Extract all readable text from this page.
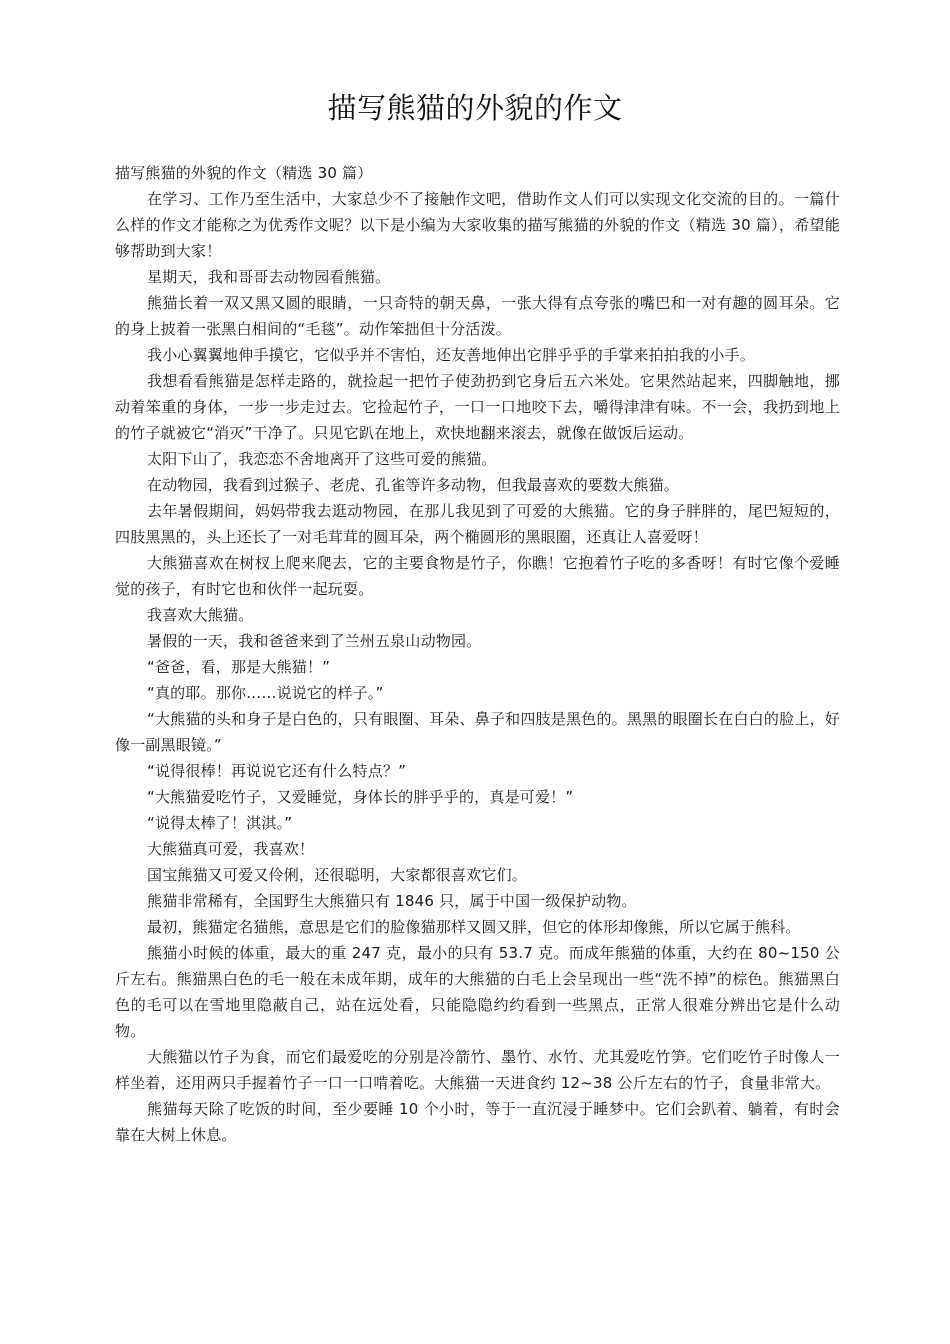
描写熊猫的外貌的作文

描写熊猫的外貌的作文（精选 30 篇）

在学习、工作乃至生活中，大家总少不了接触作文吧，借助作文人们可以实现文化交流的目的。一篇什么样的作文才能称之为优秀作文呢？以下是小编为大家收集的描写熊猫的外貌的作文（精选 30 篇），希望能够帮助到大家！

星期天，我和哥哥去动物园看熊猫。

熊猫长着一双又黑又圆的眼睛，一只奇特的朝天鼻，一张大得有点夸张的嘴巴和一对有趣的圆耳朵。它的身上披着一张黑白相间的“毛毯”。动作笨拙但十分活泼。

我小心翼翼地伸手摸它，它似乎并不害怕，还友善地伸出它胖乎乎的手掌来拍拍我的小手。

我想看看熊猫是怎样走路的，就捡起一把竹子使劲扔到它身后五六米处。它果然站起来，四脚触地，挪动着笨重的身体，一步一步走过去。它捡起竹子，一口一口地咬下去，嚼得津津有味。不一会，我扔到地上的竹子就被它“消灭”干净了。只见它趴在地上，欢快地翻来滚去，就像在做饭后运动。

太阳下山了，我恋恋不舍地离开了这些可爱的熊猫。

在动物园，我看到过猴子、老虎、孔雀等许多动物，但我最喜欢的要数大熊猫。

去年暑假期间，妈妈带我去逛动物园，在那儿我见到了可爱的大熊猫。它的身子胖胖的，尾巴短短的，四肢黑黑的，头上还长了一对毛茸茸的圆耳朵，两个椭圆形的黑眼圈，还真让人喜爱呀！

大熊猫喜欢在树杈上爬来爬去，它的主要食物是竹子，你瞧！它抱着竹子吃的多香呀！有时它像个爱睡觉的孩子，有时它也和伙伴一起玩耍。

我喜欢大熊猫。

暑假的一天，我和爸爸来到了兰州五泉山动物园。

“爸爸，看，那是大熊猫！”

“真的耶。那你……说说它的样子。”

“大熊猫的头和身子是白色的，只有眼圈、耳朵、鼻子和四肢是黑色的。黑黑的眼圈长在白白的脸上，好像一副黑眼镜。”

“说得很棒！再说说它还有什么特点？”

“大熊猫爱吃竹子，又爱睡觉，身体长的胖乎乎的，真是可爱！”

“说得太棒了！淇淇。”

大熊猫真可爱，我喜欢！

国宝熊猫又可爱又伶俐，还很聪明，大家都很喜欢它们。

熊猫非常稀有，全国野生大熊猫只有 1846 只，属于中国一级保护动物。

最初，熊猫定名猫熊，意思是它们的脸像猫那样又圆又胖，但它的体形却像熊，所以它属于熊科。

熊猫小时候的体重，最大的重 247 克，最小的只有 53.7 克。而成年熊猫的体重，大约在 80~150 公斤左右。熊猫黑白色的毛一般在未成年期，成年的大熊猫的白毛上会呈现出一些“洗不掉”的棕色。熊猫黑白色的毛可以在雪地里隐蔽自己，站在远处看，只能隐隐约约看到一些黑点，正常人很难分辨出它是什么动物。

大熊猫以竹子为食，而它们最爱吃的分别是冷箭竹、墨竹、水竹、尤其爱吃竹笋。它们吃竹子时像人一样坐着，还用两只手握着竹子一口一口啃着吃。大熊猫一天进食约 12~38 公斤左右的竹子，食量非常大。

熊猫每天除了吃饭的时间，至少要睡 10 个小时，等于一直沉浸于睡梦中。它们会趴着、躺着，有时会靠在大树上休息。
